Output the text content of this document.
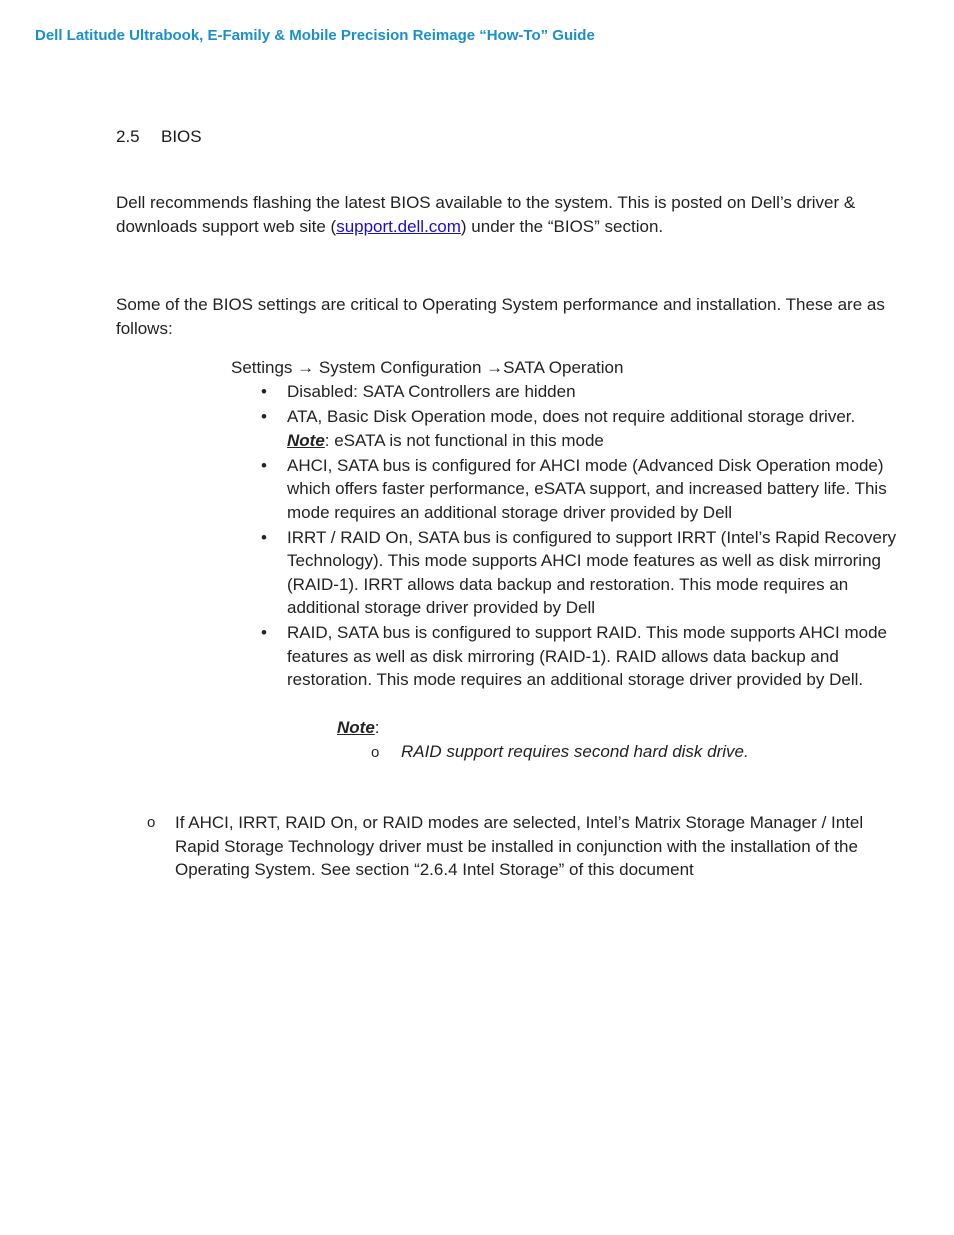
Dell Latitude Ultrabook, E-Family & Mobile Precision Reimage “How-To” Guide
2.5 BIOS
Dell recommends flashing the latest BIOS available to the system. This is posted on Dell’s driver & downloads support web site (support.dell.com) under the “BIOS” section.
Some of the BIOS settings are critical to Operating System performance and installation. These are as follows:
Settings → System Configuration →SATA Operation
• Disabled: SATA Controllers are hidden
• ATA, Basic Disk Operation mode, does not require additional storage driver.
Note: eSATA is not functional in this mode
• AHCI, SATA bus is configured for AHCI mode (Advanced Disk Operation mode) which offers faster performance, eSATA support, and increased battery life. This mode requires an additional storage driver provided by Dell
• IRRT / RAID On, SATA bus is configured to support IRRT (Intel’s Rapid Recovery Technology). This mode supports AHCI mode features as well as disk mirroring (RAID-1). IRRT allows data backup and restoration. This mode requires an additional storage driver provided by Dell
• RAID, SATA bus is configured to support RAID. This mode supports AHCI mode features as well as disk mirroring (RAID-1). RAID allows data backup and restoration. This mode requires an additional storage driver provided by Dell.
Note:
o RAID support requires second hard disk drive.
o If AHCI, IRRT, RAID On, or RAID modes are selected, Intel’s Matrix Storage Manager / Intel Rapid Storage Technology driver must be installed in conjunction with the installation of the Operating System. See section “2.6.4 Intel Storage” of this document
